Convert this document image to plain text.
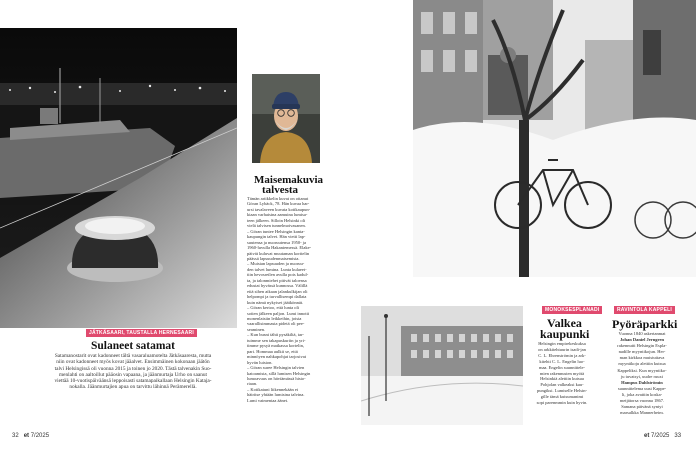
JÄTKÄSAARI, TAUSTALLA HERNESAARI
Sulaneet satamat

Satamanostarit ovat kadonneet tältä vasaraluamotelta Jätkäsaaresta, mutta

niin ovat kadonneet myös kovat jääalvet. Ensimmäinen kokonaan jäätön

talvi Helsingissä oli vuonna 2015 ja toinen jo 2020. Tästä talvenakin Suo-

menlahti on aaltoillut pääosin vapaana, ja jäänmurtaja Urho on saanut

viettää 10-vuotispäiväänsä leppoisasti satamapaikallaan Helsingin Kataja-

nokalla. Jäänmurtajien apua on tarvittu lähinnä Perämerellä.

Maisemakuvia
talvesta

Tämän artikkelin kuvat on ottanut

Göran Lybäck, 78. Hän kuvaa har-

ursi tavalaveen kuvata kotikaupun-

kiaan varhaisina aamuina lumisa-

teen jälkeen. Silloin Helsinki oli

vielä talvisen tunnelmoivasanen.

– Göran tuntee Helsingin kanta-

kaupungin talvet. Hän vietti lap-

suutensa ja nuoruutensa 1950- ja

1960-luvulla Hakaniemessä. Elake-

päivät kuluvat muutaman korttelin

päässä lapsuudenmaisemista.

– Muistan lapsuuden ja nuoruu-

den talvet lumina. Lunta kulaeet-

tiin hevosreilen avulla pois kadul-

ta, ja talonmiehet pitivät taloensa

edustat hyvässä kunnossa. Välillä

eiiä sihen aikaan jalankulkijan oli

helpompi ja turvallisempi dallata

kuin nämä nykyiset jäätkönnät.

– Göran kertoo, että lunta oli

sotien jälkeen paljon. Lumi innotti

monenlaisiin leikkeihin, joista

vaarallisimmasta pidetä oli pee-

seaminen.

– Kun busni tähti pysäkiltä, tar-

tuimme sen takapuskuriin ja yri-

timme pysyä matkassa kortelin,

pari. Hommaa aulkii se, että

minnöyen nahkapohjat tarjosivat

hyvän luiston.

– Göran suree Helsingin talvien

katoamista, sillä lumisen Helsingin

lumoavuus on häviämässä histo-

riaan.

– Kotikatuni liikennekään ei

häiritse yhtään lumisina talvina.

Lumi vaimentaa äänet.

32 et 7/2025
MONOKSESPLANADI
Valkea
kaupunki

Helsingin empirekeskuksa

on arkkitehtuurin isadi-jan

C. L. Ehrenströmin ja ark-

kitehti C. L. Engelin luo-

maa. Engelin suunnittele-

mien rakennusten myötä

Helsinkiä alettiin kutsua

Pohjolan valkeaksi kau-

pungiksi. Lumiselle Helsin-

gille tämä kutsumanimi

sopi parenmmin kuin hyvin.

RAVINTOLA KAPPELI
Pyöräparkki

Vuonna 1840 askertanmat

Johan Daniel Jerngren

rakennutti Helsingin Espla-

nadille myyntikojun. Her-

man kirkkoa muistuttava

myyntikoju alettiin kutsua

Kappeliksi. Kun myyntiko-

ju tuvatsyi, uudre ruuxi

Hampus Dahlströmin

suunnittelema uusi Kappe-

li, joka avattiin koska-

meijätorsa vuonna 1867.

Samana päivänä syntyi

marsalkka Mannerheim.

et 7/2025 33
